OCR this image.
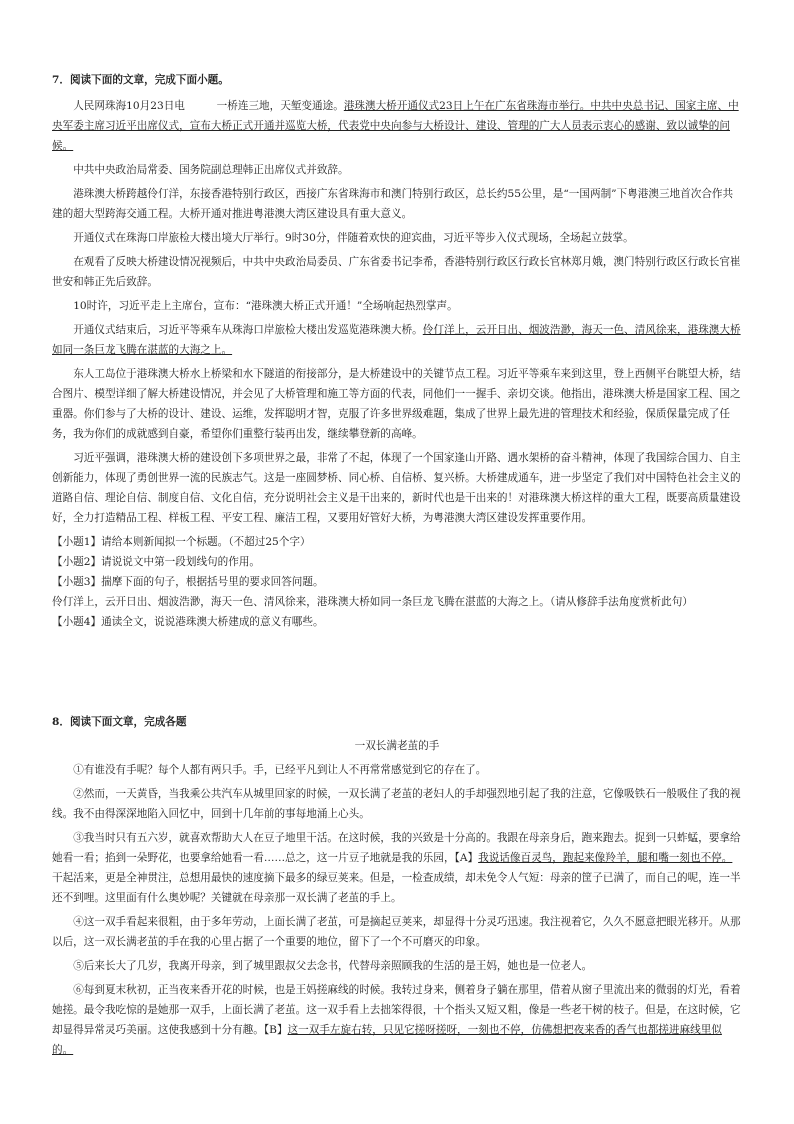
7．阅读下面的文章，完成下面小题。

人民网珠海10月23日电　　　一桥连三地，天堑变通途。港珠澳大桥开通仪式23日上午在广东省珠海市举行。中共中央总书记、国家主席、中央军委主席习近平出席仪式，宣布大桥正式开通并巡览大桥，代表党中央向参与大桥设计、建设、管理的广大人员表示衷心的感谢、致以诚挚的问候。

中共中央政治局常委、国务院副总理韩正出席仪式并致辞。

港珠澳大桥跨越伶仃洋，东接香港特别行政区，西接广东省珠海市和澳门特别行政区，总长约55公里，是“一国两制”下粤港澳三地首次合作共建的超大型跨海交通工程。大桥开通对推进粤港澳大湾区建设具有重大意义。

开通仪式在珠海口岸旅检大楼出境大厅举行。9时30分，伴随着欢快的迎宾曲，习近平等步入仪式现场，全场起立鼓掌。

在观看了反映大桥建设情况视频后，中共中央政治局委员、广东省委书记李希，香港特别行政区行政长官林郑月娥，澳门特别行政区行政长官崔世安和韩正先后致辞。

10时许，习近平走上主席台，宣布：“港珠澳大桥正式开通！”全场响起热烈掌声。

开通仪式结束后，习近平等乘车从珠海口岸旅检大楼出发巡览港珠澳大桥。伶仃洋上，云开日出、烟波浩渺，海天一色、清风徐来，港珠澳大桥如同一条巨龙飞腾在湛蓝的大海之上。

东人工岛位于港珠澳大桥水上桥梁和水下隧道的衔接部分，是大桥建设中的关键节点工程。习近平等乘车来到这里，登上西侧平台眺望大桥，结合图片、模型详细了解大桥建设情况，并会见了大桥管理和施工等方面的代表，同他们一一握手、亲切交谈。他指出，港珠澳大桥是国家工程、国之重器。你们参与了大桥的设计、建设、运维，发挥聪明才智，克服了许多世界级难题，集成了世界上最先进的管理技术和经验，保质保量完成了任务，我为你们的成就感到自豪，希望你们重整行装再出发，继续攀登新的高峰。

习近平强调，港珠澳大桥的建设创下多项世界之最，非常了不起，体现了一个国家逢山开路、遇水架桥的奋斗精神，体现了我国综合国力、自主创新能力，体现了勇创世界一流的民族志气。这是一座圆梦桥、同心桥、自信桥、复兴桥。大桥建成通车，进一步坚定了我们对中国特色社会主义的道路自信、理论自信、制度自信、文化自信，充分说明社会主义是干出来的，新时代也是干出来的！对港珠澳大桥这样的重大工程，既要高质量建设好，全力打造精品工程、样板工程、平安工程、廉洁工程，又要用好管好大桥，为粤港澳大湾区建设发挥重要作用。

【小题1】请给本则新闻拟一个标题。（不超过25个字）

【小题2】请说说文中第一段划线句的作用。

【小题3】揣摩下面的句子，根据括号里的要求回答问题。

伶仃洋上，云开日出、烟波浩渺，海天一色、清风徐来，港珠澳大桥如同一条巨龙飞腾在湛蓝的大海之上。（请从修辞手法角度赏析此句）

【小题4】通读全文，说说港珠澳大桥建成的意义有哪些。

8．阅读下面文章，完成各题

一双长满老茧的手

①有谁没有手呢？每个人都有两只手。手，已经平凡到让人不再常常感觉到它的存在了。

②然而，一天黄昏，当我乘公共汽车从城里回家的时候，一双长满了老茧的老妇人的手却强烈地引起了我的注意，它像吸铁石一般吸住了我的视线。我不由得深深地陷入回忆中，回到十几年前的事每地涌上心头。

③我当时只有五六岁，就喜欢帮助大人在豆子地里干活。在这时候，我的兴致是十分高的。我跟在母亲身后，跑来跑去。捉到一只蚱蜢，要拿给她看一看；掐到一朵野花，也要拿给她看一看……总之，这一片豆子地就是我的乐园，【A】我说话像百灵鸟，跑起来像羚羊，腿和嘴一刻也不停。干起活来，更是全神贯注，总想用最快的速度摘下最多的绿豆荚来。但是，一检查成绩，却未免令人气短：母亲的筐子已满了，而自己的呢，连一半还不到哩。这里面有什么奥妙呢？关键就在母亲那一双长满了老茧的手上。

④这一双手看起来很粗，由于多年劳动，上面长满了老茧，可是摘起豆荚来，却显得十分灵巧迅速。我注视着它，久久不愿意把眼光移开。从那以后，这一双长满老茧的手在我的心里占据了一个重要的地位，留下了一个不可磨灭的印象。

⑤后来长大了几岁，我离开母亲，到了城里跟叔父去念书，代替母亲照顾我的生活的是王妈，她也是一位老人。

⑥每到夏末秋初，正当夜来香开花的时候，也是王妈搓麻线的时候。我转过身来，侧着身子躺在那里，借着从窗子里流出来的微弱的灯光，看着她搓。最令我吃惊的是她那一双手，上面长满了老茧。这一双手看上去拙笨得很，十个指头又短又粗，像是一些老干树的枝子。但是，在这时候，它却显得异常灵巧美丽。这使我感到十分有趣。【B】这一双手左旋右转，只见它搓呀搓呀，一刻也不停，仿佛想把夜来香的香气也都搓进麻线里似的。
